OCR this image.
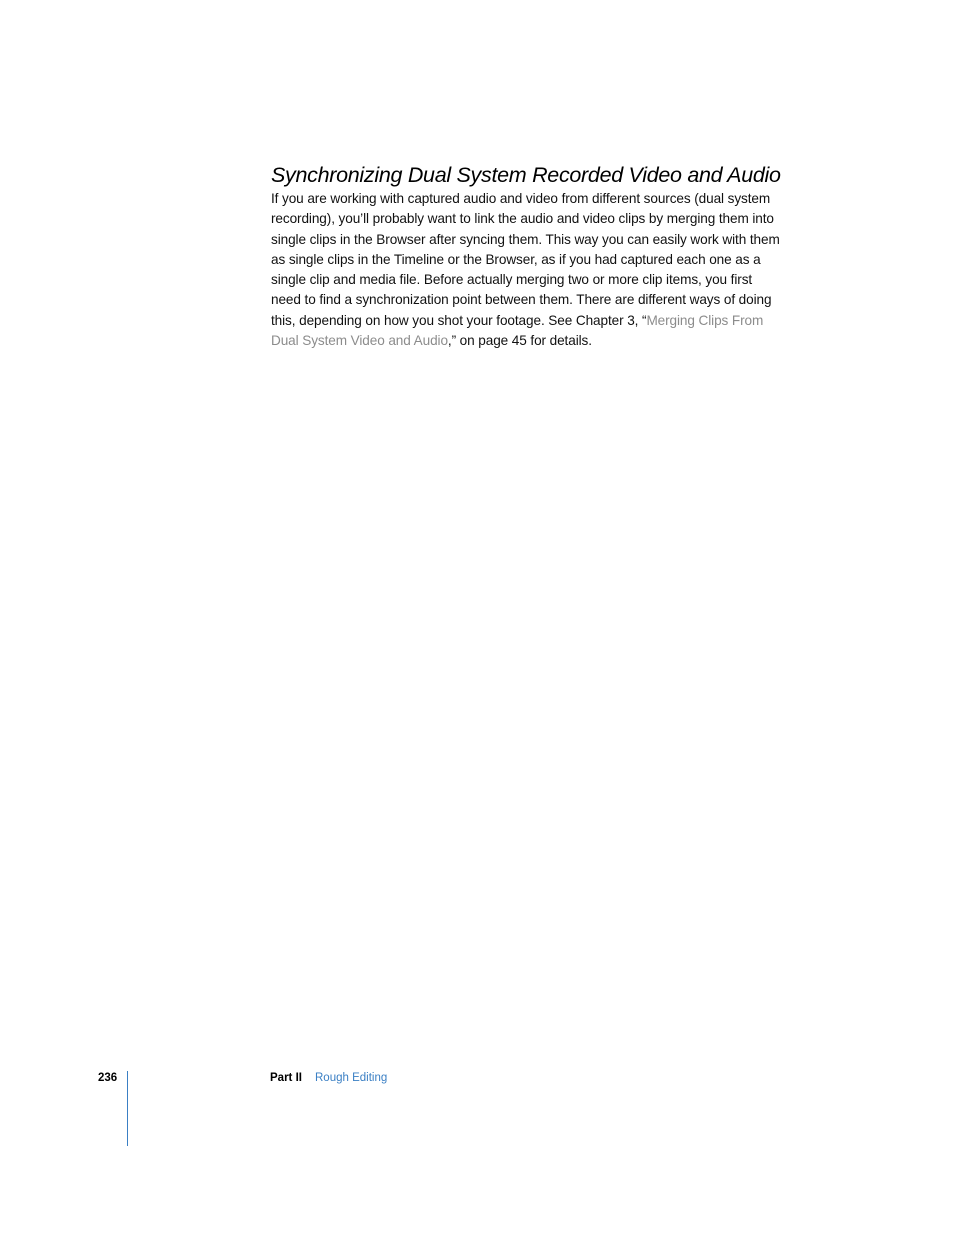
Synchronizing Dual System Recorded Video and Audio

If you are working with captured audio and video from different sources (dual system
recording), you’ll probably want to link the audio and video clips by merging them into
single clips in the Browser after syncing them. This way you can easily work with them
as single clips in the Timeline or the Browser, as if you had captured each one as a
single clip and media file. Before actually merging two or more clip items, you first
need to find a synchronization point between them. There are different ways of doing
this, depending on how you shot your footage. See Chapter 3, “Merging Clips From
Dual System Video and Audio,” on page 45 for details.

236	Part II Rough Editing
